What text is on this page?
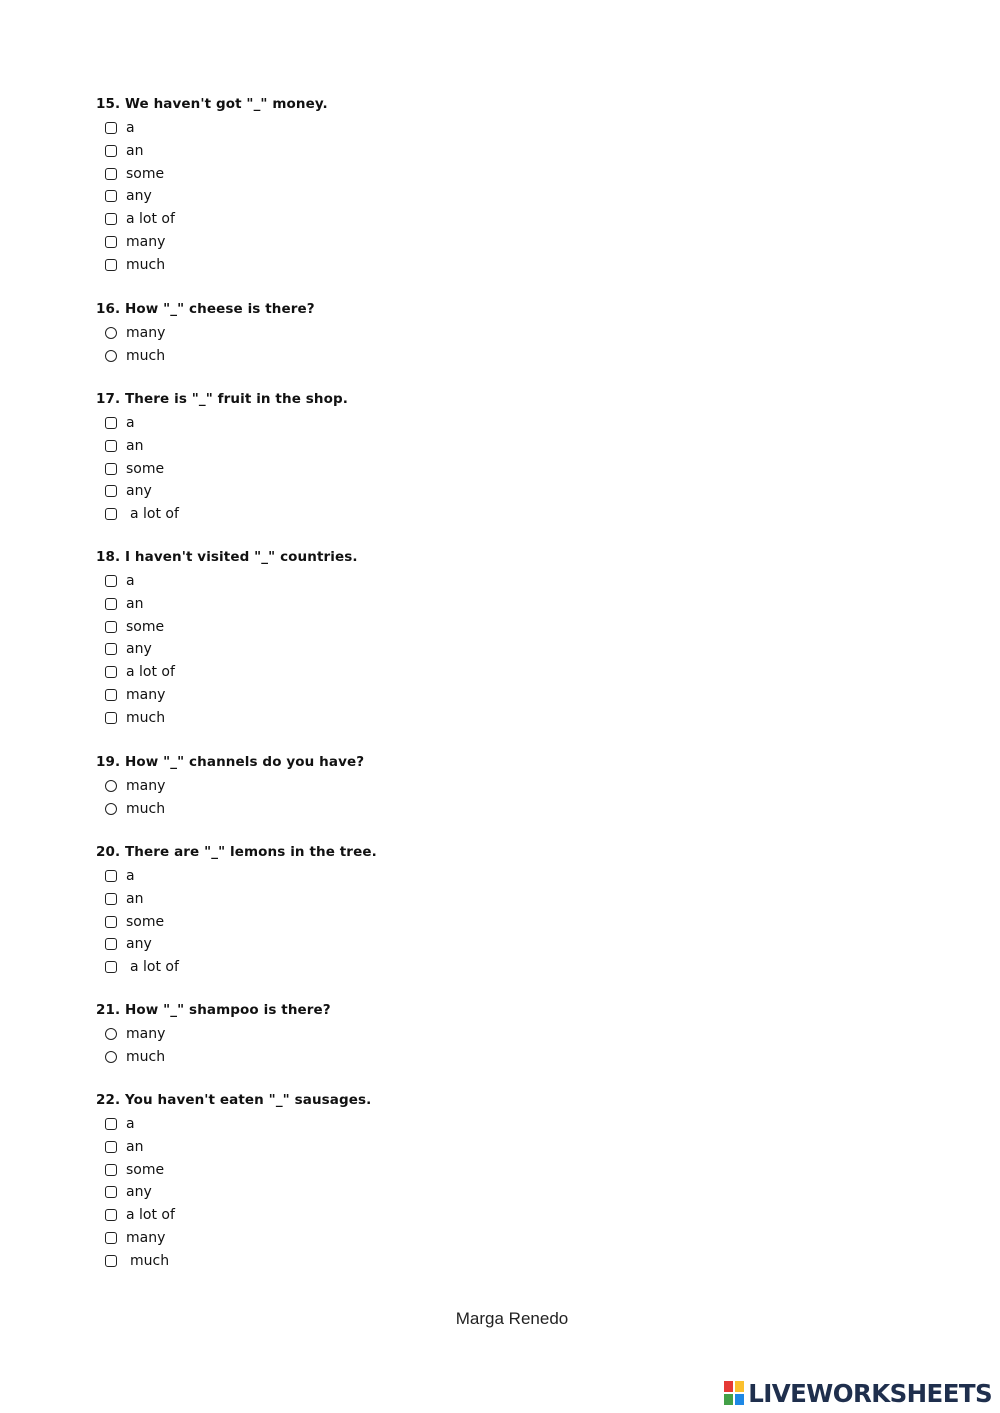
15. We haven't got "_" money.
a
an
some
any
a lot of
many
much
16. How "_" cheese is there?
many
much
17. There is "_" fruit in the shop.
a
an
some
any
a lot of
18. I haven't visited "_" countries.
a
an
some
any
a lot of
many
much
19. How "_" channels do you have?
many
much
20. There are "_" lemons in the tree.
a
an
some
any
a lot of
21. How "_" shampoo is there?
many
much
22. You haven't eaten "_" sausages.
a
an
some
any
a lot of
many
much
Marga Renedo
LIVEWORKSHEETS
